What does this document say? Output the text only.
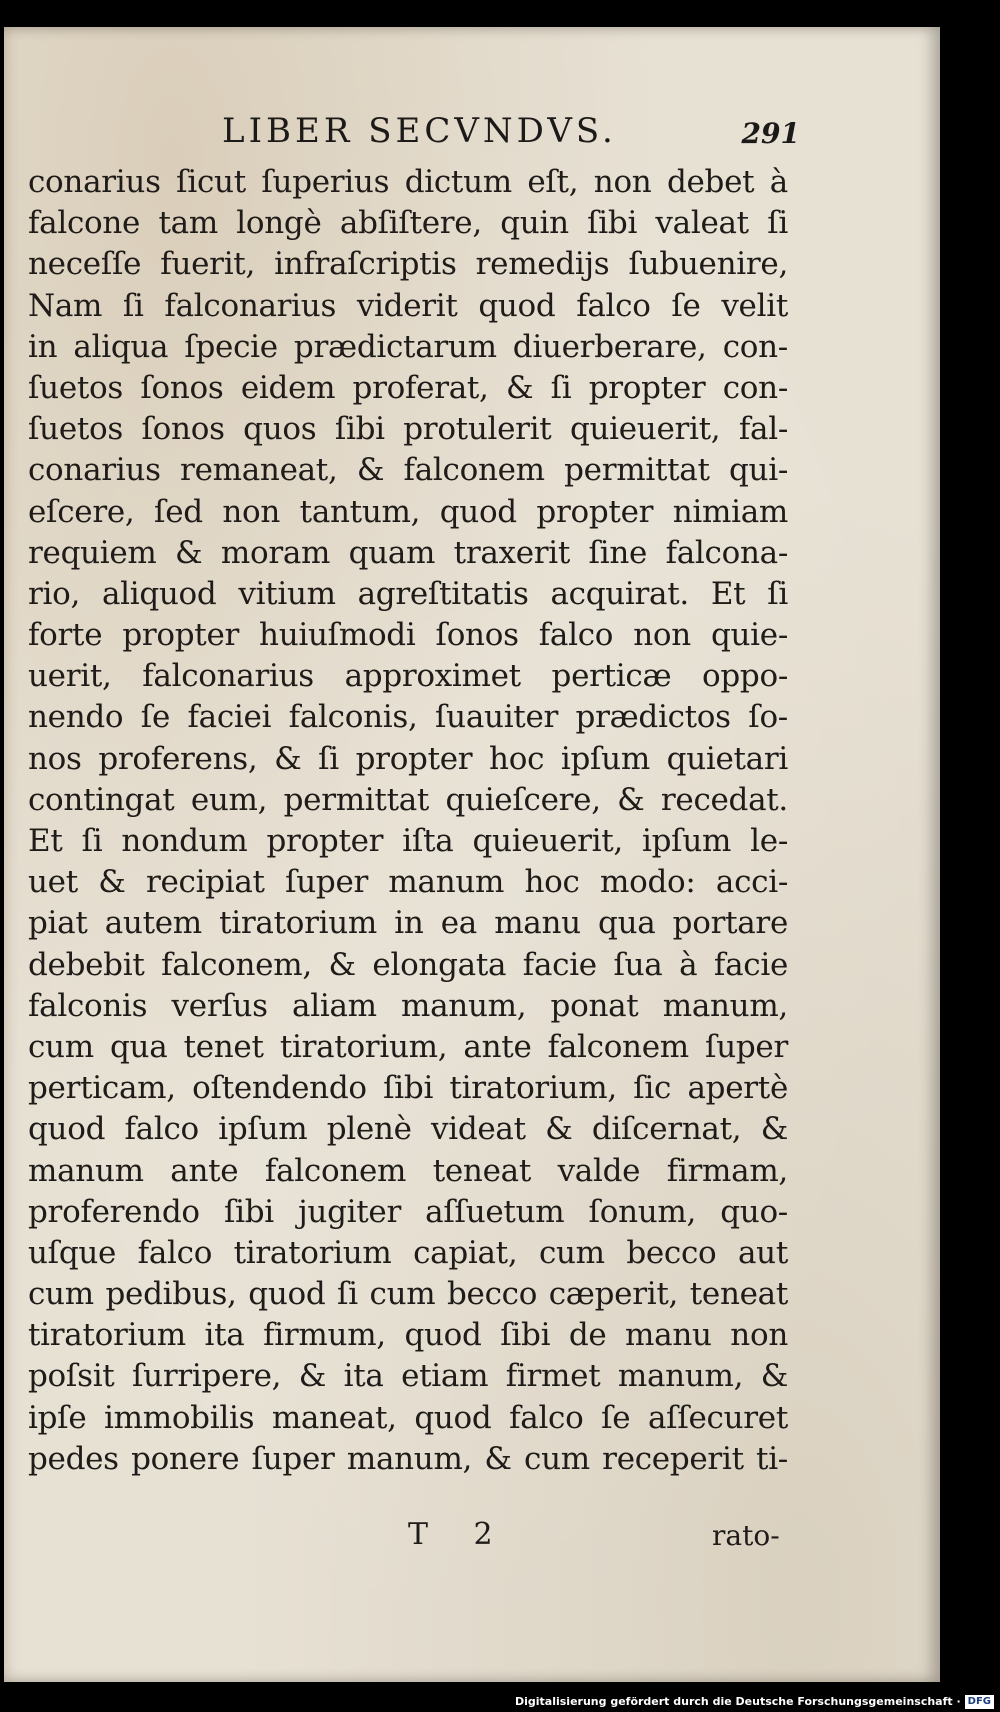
LIBER SECVNDVS.	291
conarius ſicut ſuperius dictum eſt, non debet à
falcone tam longè abſiſtere, quin ſibi valeat ſi
neceſſe fuerit, infraſcriptis remedijs ſubuenire,
Nam ſi falconarius viderit quod falco ſe velit
in aliqua ſpecie prædictarum diuerberare, con-
ſuetos ſonos eidem proferat, & ſi propter con-
ſuetos ſonos quos ſibi protulerit quieuerit, fal-
conarius remaneat, & falconem permittat qui-
eſcere, ſed non tantum, quod propter nimiam
requiem & moram quam traxerit ſine falcona-
rio, aliquod vitium agreſtitatis acquirat. Et ſi
forte propter huiuſmodi ſonos falco non quie-
uerit, falconarius approximet perticæ oppo-
nendo ſe faciei falconis, ſuauiter prædictos ſo-
nos proferens, & ſi propter hoc ipſum quietari
contingat eum, permittat quieſcere, & recedat.
Et ſi nondum propter iſta quieuerit, ipſum le-
uet & recipiat ſuper manum hoc modo: acci-
piat autem tiratorium in ea manu qua portare
debebit falconem, & elongata facie ſua à facie
falconis verſus aliam manum, ponat manum,
cum qua tenet tiratorium, ante falconem ſuper
perticam, oſtendendo ſibi tiratorium, ſic apertè
quod falco ipſum plenè videat & diſcernat, &
manum ante falconem teneat valde firmam,
proferendo ſibi jugiter aſſuetum ſonum, quo-
uſque falco tiratorium capiat, cum becco aut
cum pedibus, quod ſi cum becco cæperit, teneat
tiratorium ita firmum, quod ſibi de manu non
poſsit ſurripere, & ita etiam firmet manum, &
ipſe immobilis maneat, quod falco ſe aſſecuret
pedes ponere ſuper manum, & cum receperit ti-
T 2	rato-
Digitalisierung gefördert durch die Deutsche Forschungsgemeinschaft · DFG
